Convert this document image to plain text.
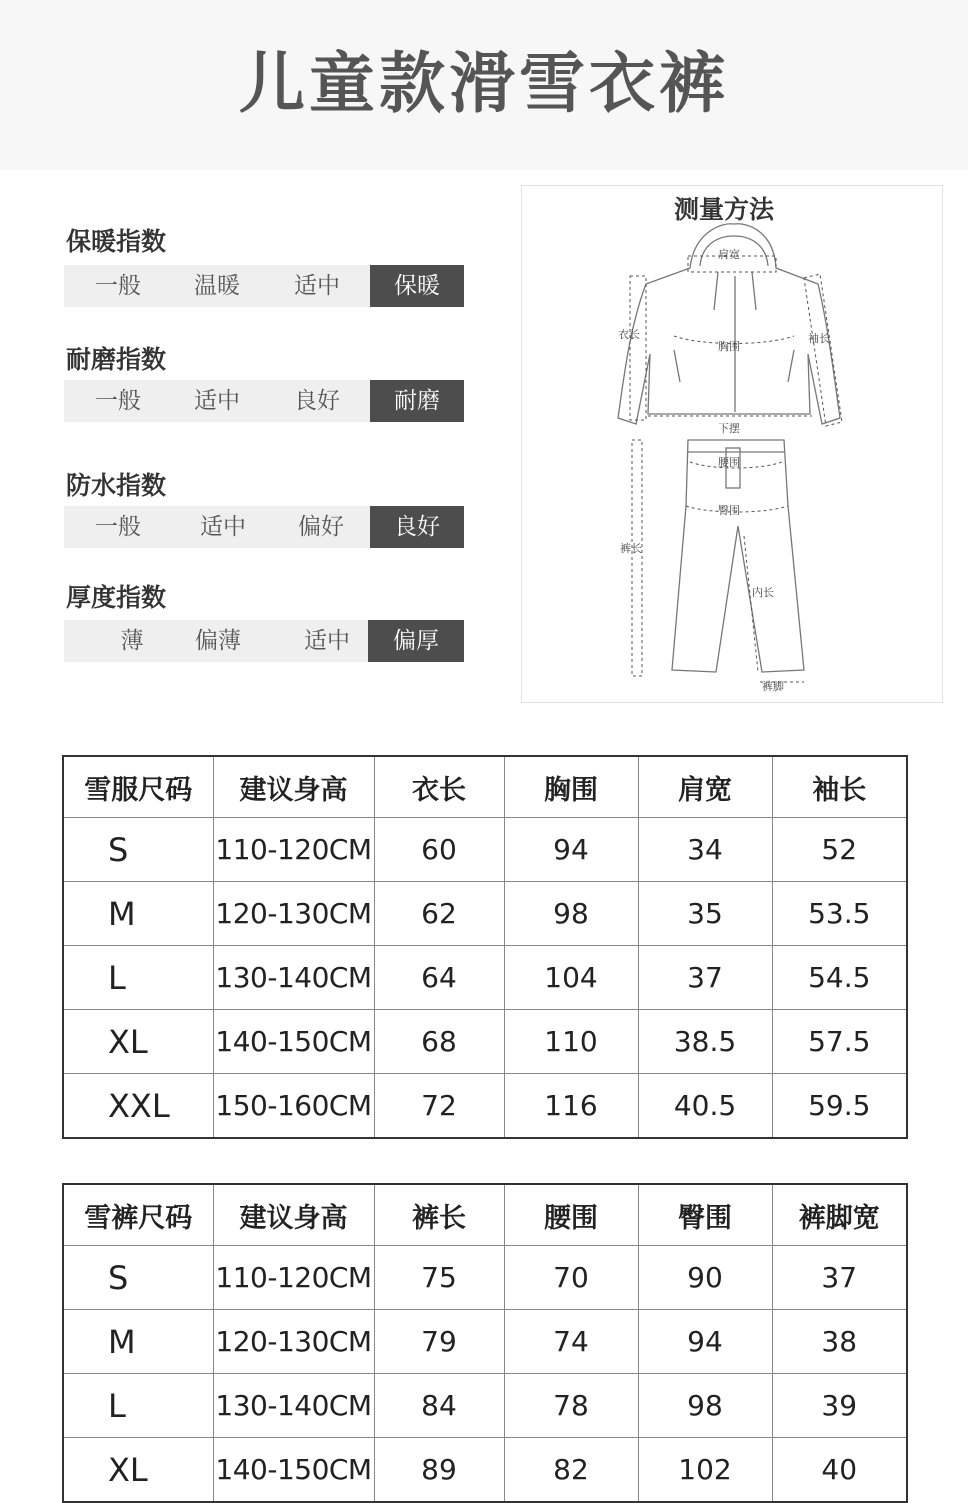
儿童款滑雪衣裤
保暖指数
一般	温暖	适中	保暖
耐磨指数
一般	适中	良好	耐磨
防水指数
一般	适中	偏好	良好
厚度指数
薄	偏薄	适中	偏厚
测量方法
肩宽
衣长
胸围
袖长
下摆
腰围
臀围
裤长
内长
裤脚
雪服尺码	建议身高	衣长	胸围	肩宽	袖长
S	110-120CM	60	94	34	52
M	120-130CM	62	98	35	53.5
L	130-140CM	64	104	37	54.5
XL	140-150CM	68	110	38.5	57.5
XXL	150-160CM	72	116	40.5	59.5
雪裤尺码	建议身高	裤长	腰围	臀围	裤脚宽
S	110-120CM	75	70	90	37
M	120-130CM	79	74	94	38
L	130-140CM	84	78	98	39
XL	140-150CM	89	82	102	40
